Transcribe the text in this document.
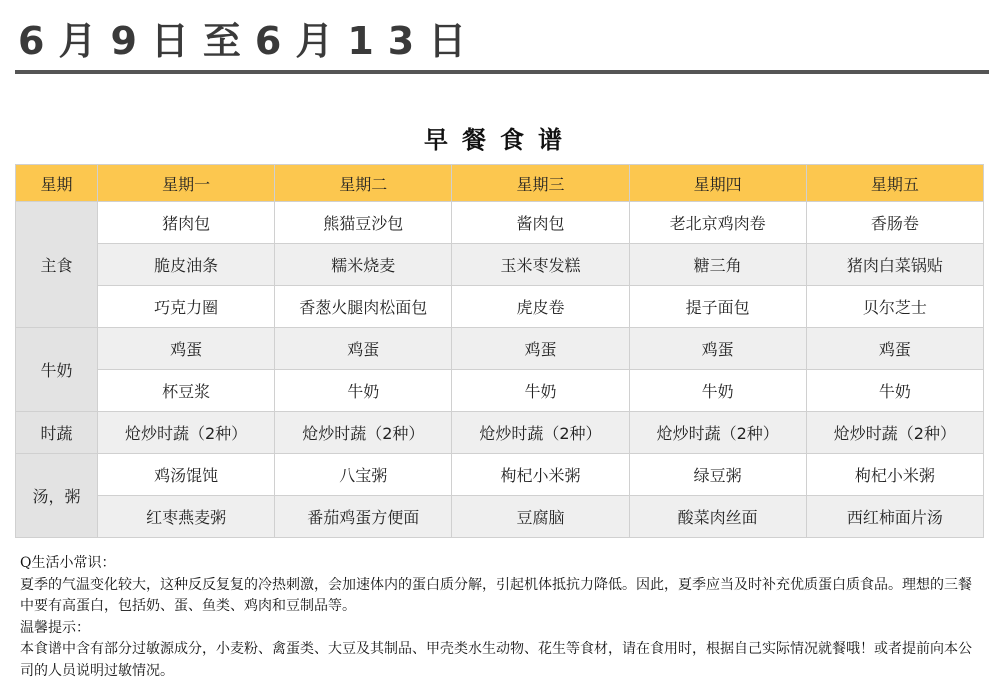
6月9日至6月13日
早餐食谱
星期	星期一	星期二	星期三	星期四	星期五
主食	猪肉包	熊猫豆沙包	酱肉包	老北京鸡肉卷	香肠卷
	脆皮油条	糯米烧麦	玉米枣发糕	糖三角	猪肉白菜锅贴
	巧克力圈	香葱火腿肉松面包	虎皮卷	提子面包	贝尔芝士
牛奶	鸡蛋	鸡蛋	鸡蛋	鸡蛋	鸡蛋
	杯豆浆	牛奶	牛奶	牛奶	牛奶
时蔬	炝炒时蔬（2种）	炝炒时蔬（2种）	炝炒时蔬（2种）	炝炒时蔬（2种）	炝炒时蔬（2种）
汤，粥	鸡汤馄饨	八宝粥	枸杞小米粥	绿豆粥	枸杞小米粥
	红枣燕麦粥	番茄鸡蛋方便面	豆腐脑	酸菜肉丝面	西红柿面片汤

Q生活小常识：

夏季的气温变化较大，这种反反复复的冷热刺激，会加速体内的蛋白质分解，引起机体抵抗力降低。因此，夏季应当及时补充优质蛋白质食品。理想的三餐中要有高蛋白，包括奶、蛋、鱼类、鸡肉和豆制品等。

温馨提示：

本食谱中含有部分过敏源成分，小麦粉、禽蛋类、大豆及其制品、甲壳类水生动物、花生等食材，请在食用时，根据自己实际情况就餐哦！或者提前向本公司的人员说明过敏情况。
